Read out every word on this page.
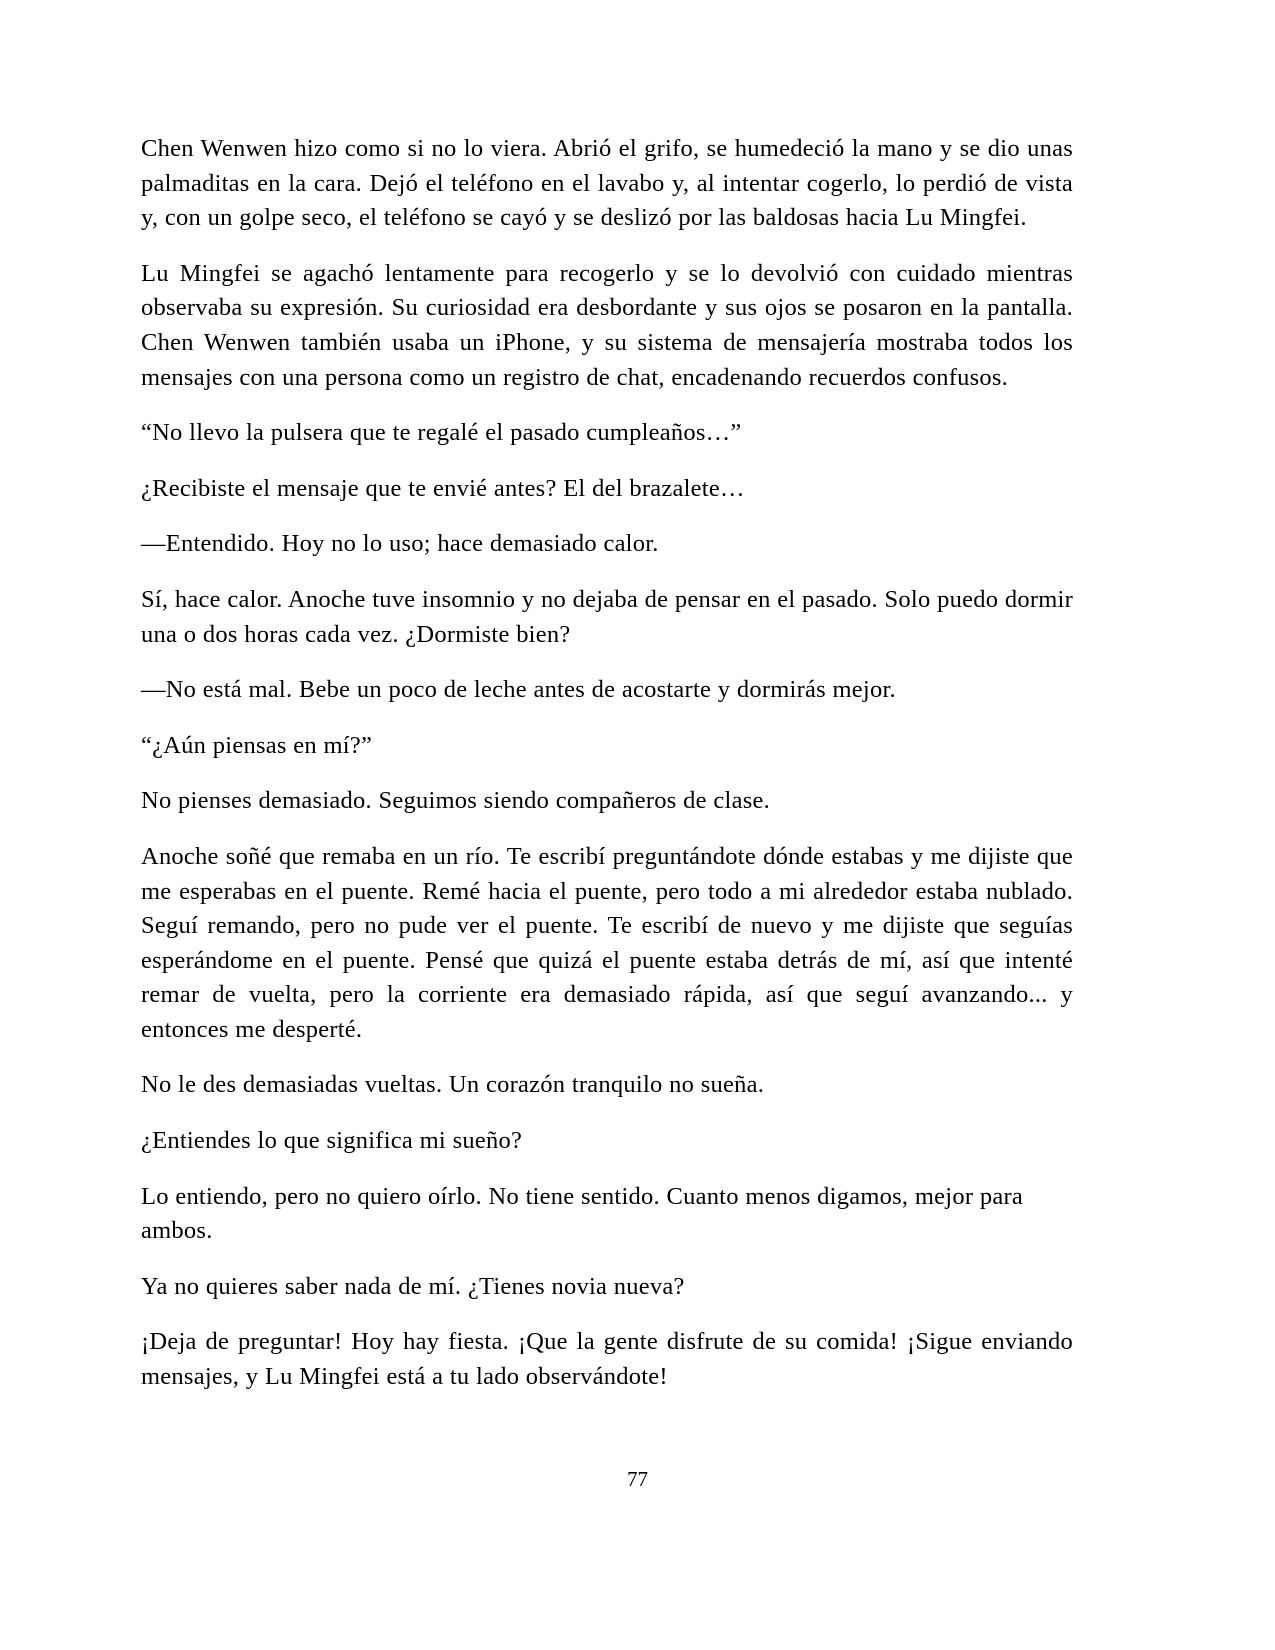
Chen Wenwen hizo como si no lo viera. Abrió el grifo, se humedeció la mano y se dio unas palmaditas en la cara. Dejó el teléfono en el lavabo y, al intentar cogerlo, lo perdió de vista y, con un golpe seco, el teléfono se cayó y se deslizó por las baldosas hacia Lu Mingfei.

Lu Mingfei se agachó lentamente para recogerlo y se lo devolvió con cuidado mientras observaba su expresión. Su curiosidad era desbordante y sus ojos se posaron en la pantalla. Chen Wenwen también usaba un iPhone, y su sistema de mensajería mostraba todos los mensajes con una persona como un registro de chat, encadenando recuerdos confusos.

“No llevo la pulsera que te regalé el pasado cumpleaños…”

¿Recibiste el mensaje que te envié antes? El del brazalete…

—Entendido. Hoy no lo uso; hace demasiado calor.

Sí, hace calor. Anoche tuve insomnio y no dejaba de pensar en el pasado. Solo puedo dormir una o dos horas cada vez. ¿Dormiste bien?

—No está mal. Bebe un poco de leche antes de acostarte y dormirás mejor.

“¿Aún piensas en mí?”

No pienses demasiado. Seguimos siendo compañeros de clase.

Anoche soñé que remaba en un río. Te escribí preguntándote dónde estabas y me dijiste que me esperabas en el puente. Remé hacia el puente, pero todo a mi alrededor estaba nublado. Seguí remando, pero no pude ver el puente. Te escribí de nuevo y me dijiste que seguías esperándome en el puente. Pensé que quizá el puente estaba detrás de mí, así que intenté remar de vuelta, pero la corriente era demasiado rápida, así que seguí avanzando... y entonces me desperté.

No le des demasiadas vueltas. Un corazón tranquilo no sueña.

¿Entiendes lo que significa mi sueño?

Lo entiendo, pero no quiero oírlo. No tiene sentido. Cuanto menos digamos, mejor para ambos.

Ya no quieres saber nada de mí. ¿Tienes novia nueva?

¡Deja de preguntar! Hoy hay fiesta. ¡Que la gente disfrute de su comida! ¡Sigue enviando mensajes, y Lu Mingfei está a tu lado observándote!

77
